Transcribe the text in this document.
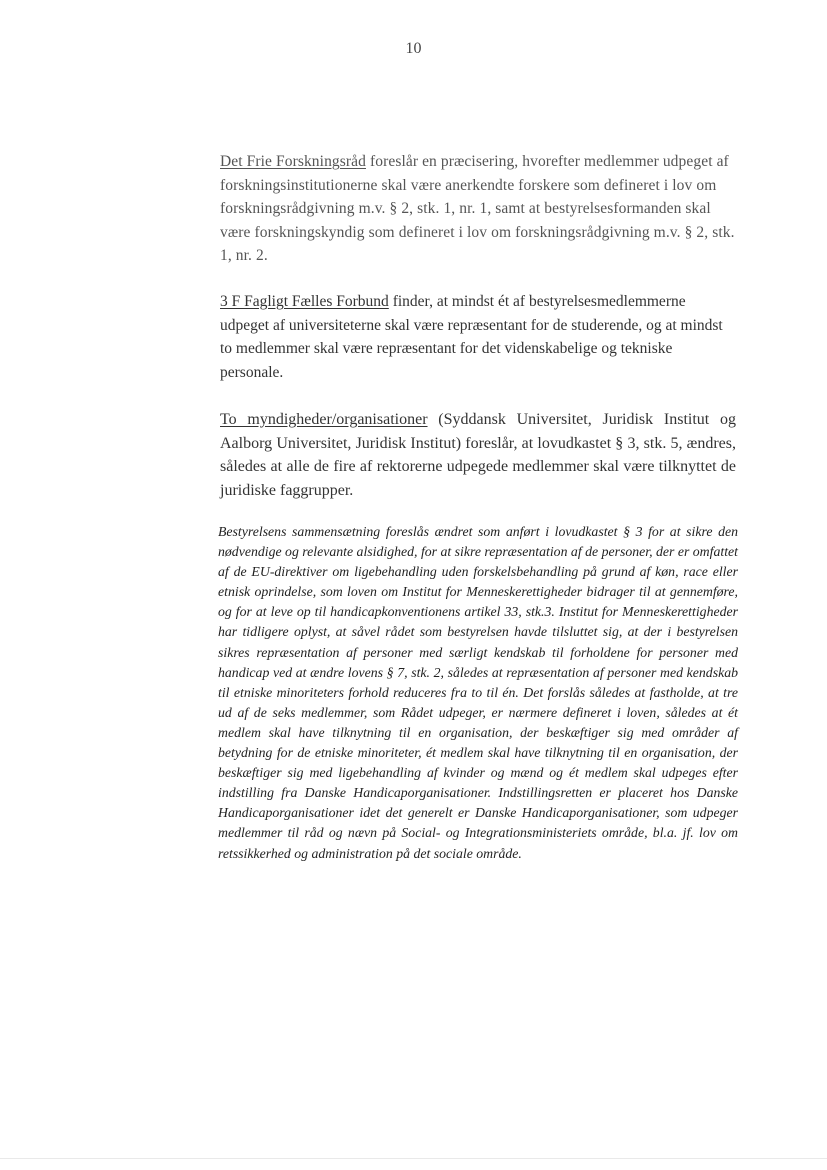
10

Det Frie Forskningsråd foreslår en præcisering, hvorefter medlemmer udpeget af forskningsinstitutionerne skal være anerkendte forskere som defineret i lov om forskningsrådgivning m.v. § 2, stk. 1, nr. 1, samt at bestyrelsesformanden skal være forskningskyndig som defineret i lov om forskningsrådgivning m.v. § 2, stk. 1, nr. 2.

3 F Fagligt Fælles Forbund finder, at mindst ét af bestyrelsesmedlemmerne udpeget af universiteterne skal være repræsentant for de studerende, og at mindst to medlemmer skal være repræsentant for det videnskabelige og tekniske personale.

To myndigheder/organisationer (Syddansk Universitet, Juridisk Institut og Aalborg Universitet, Juridisk Institut) foreslår, at lovudkastet § 3, stk. 5, ændres, således at alle de fire af rektorerne udpegede medlemmer skal være tilknyttet de juridiske faggrupper.

Bestyrelsens sammensætning foreslås ændret som anført i lovudkastet § 3 for at sikre den nødvendige og relevante alsidighed, for at sikre repræsentation af de personer, der er omfattet af de EU-direktiver om ligebehandling uden forskelsbehandling på grund af køn, race eller etnisk oprindelse, som loven om Institut for Menneskerettigheder bidrager til at gennemføre, og for at leve op til handicapkonventionens artikel 33, stk.3. Institut for Menneskerettigheder har tidligere oplyst, at såvel rådet som bestyrelsen havde tilsluttet sig, at der i bestyrelsen sikres repræsentation af personer med særligt kendskab til forholdene for personer med handicap ved at ændre lovens § 7, stk. 2, således at repræsentation af personer med kendskab til etniske minoriteters forhold reduceres fra to til én. Det forslås således at fastholde, at tre ud af de seks medlemmer, som Rådet udpeger, er nærmere defineret i loven, således at ét medlem skal have tilknytning til en organisation, der beskæftiger sig med områder af betydning for de etniske minoriteter, ét medlem skal have tilknytning til en organisation, der beskæftiger sig med ligebehandling af kvinder og mænd og ét medlem skal udpeges efter indstilling fra Danske Handicaporganisationer. Indstillingsretten er placeret hos Danske Handicaporganisationer idet det generelt er Danske Handicaporganisationer, som udpeger medlemmer til råd og nævn på Social- og Integrationsministeriets område, bl.a. jf. lov om retssikkerhed og administration på det sociale område.
